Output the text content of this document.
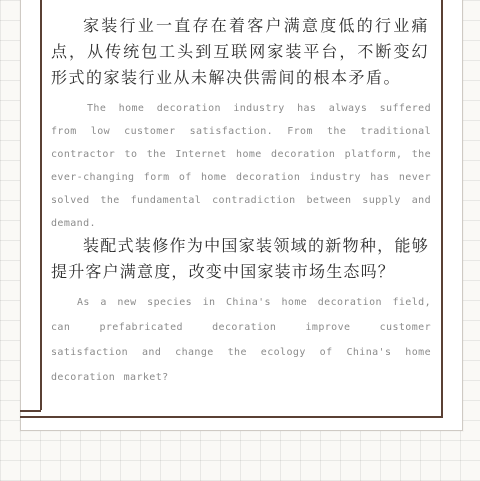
家装行业一直存在着客户满意度低的行业痛点，从传统包工头到互联网家装平台，不断变幻形式的家装行业从未解决供需间的根本矛盾。

The home decoration industry has always suffered from low customer satisfaction. From the traditional contractor to the Internet home decoration platform, the ever-changing form of home decoration industry has never solved the fundamental contradiction between supply and demand.

装配式装修作为中国家装领域的新物种，能够提升客户满意度，改变中国家装市场生态吗？

As a new species in China's home decoration field, can prefabricated decoration improve customer satisfaction and change the ecology of China's home decoration market?
